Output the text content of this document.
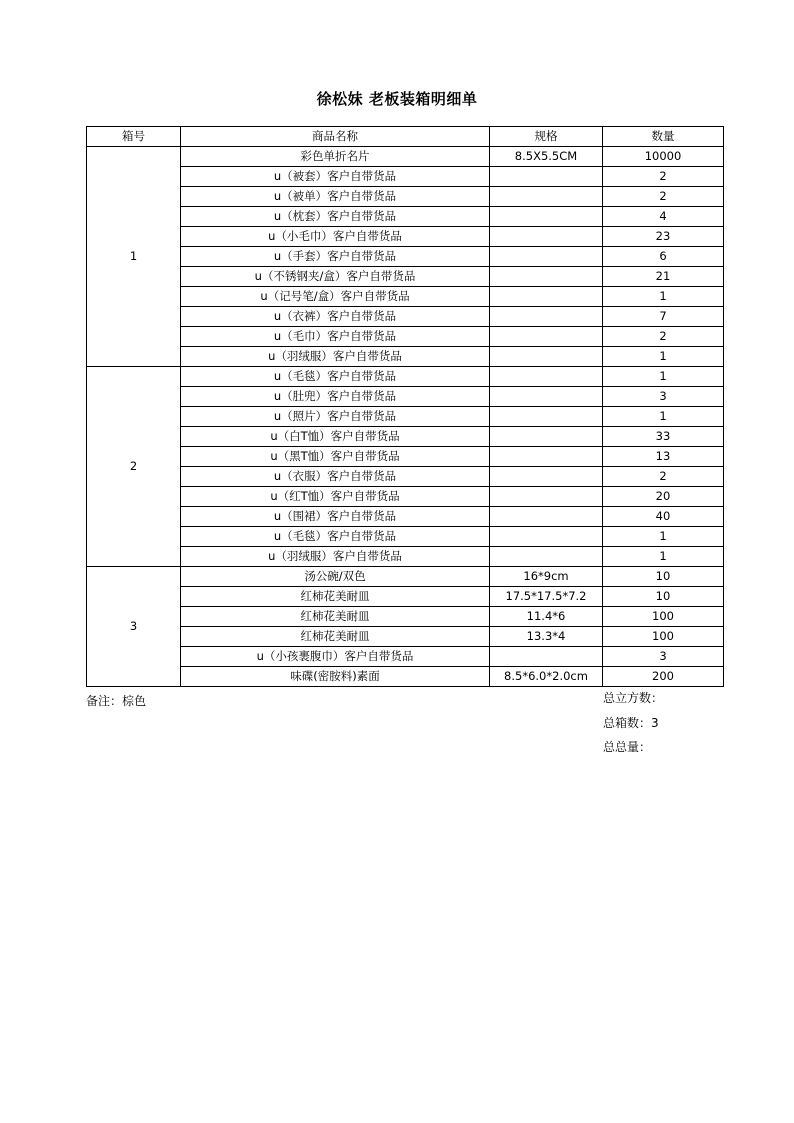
徐松妹 老板装箱明细单
箱号	商品名称	规格	数量
1	彩色单折名片	8.5X5.5CM	10000
	u（被套）客户自带货品		2
	u（被单）客户自带货品		2
	u（枕套）客户自带货品		4
	u（小毛巾）客户自带货品		23
	u（手套）客户自带货品		6
	u（不锈钢夹/盒）客户自带货品		21
	u（记号笔/盒）客户自带货品		1
	u（衣裤）客户自带货品		7
	u（毛巾）客户自带货品		2
	u（羽绒服）客户自带货品		1
2	u（毛毯）客户自带货品		1
	u（肚兜）客户自带货品		3
	u（照片）客户自带货品		1
	u（白T恤）客户自带货品		33
	u（黑T恤）客户自带货品		13
	u（衣服）客户自带货品		2
	u（红T恤）客户自带货品		20
	u（围裙）客户自带货品		40
	u（毛毯）客户自带货品		1
	u（羽绒服）客户自带货品		1
3	汤公碗/双色	16*9cm	10
	红柿花美耐皿	17.5*17.5*7.2	10
	红柿花美耐皿	11.4*6	100
	红柿花美耐皿	13.3*4	100
	u（小孩裹腹巾）客户自带货品		3
	味碟(密胺料)素面	8.5*6.0*2.0cm	200
备注：棕色	总立方数：
总箱数：3
总总量：
